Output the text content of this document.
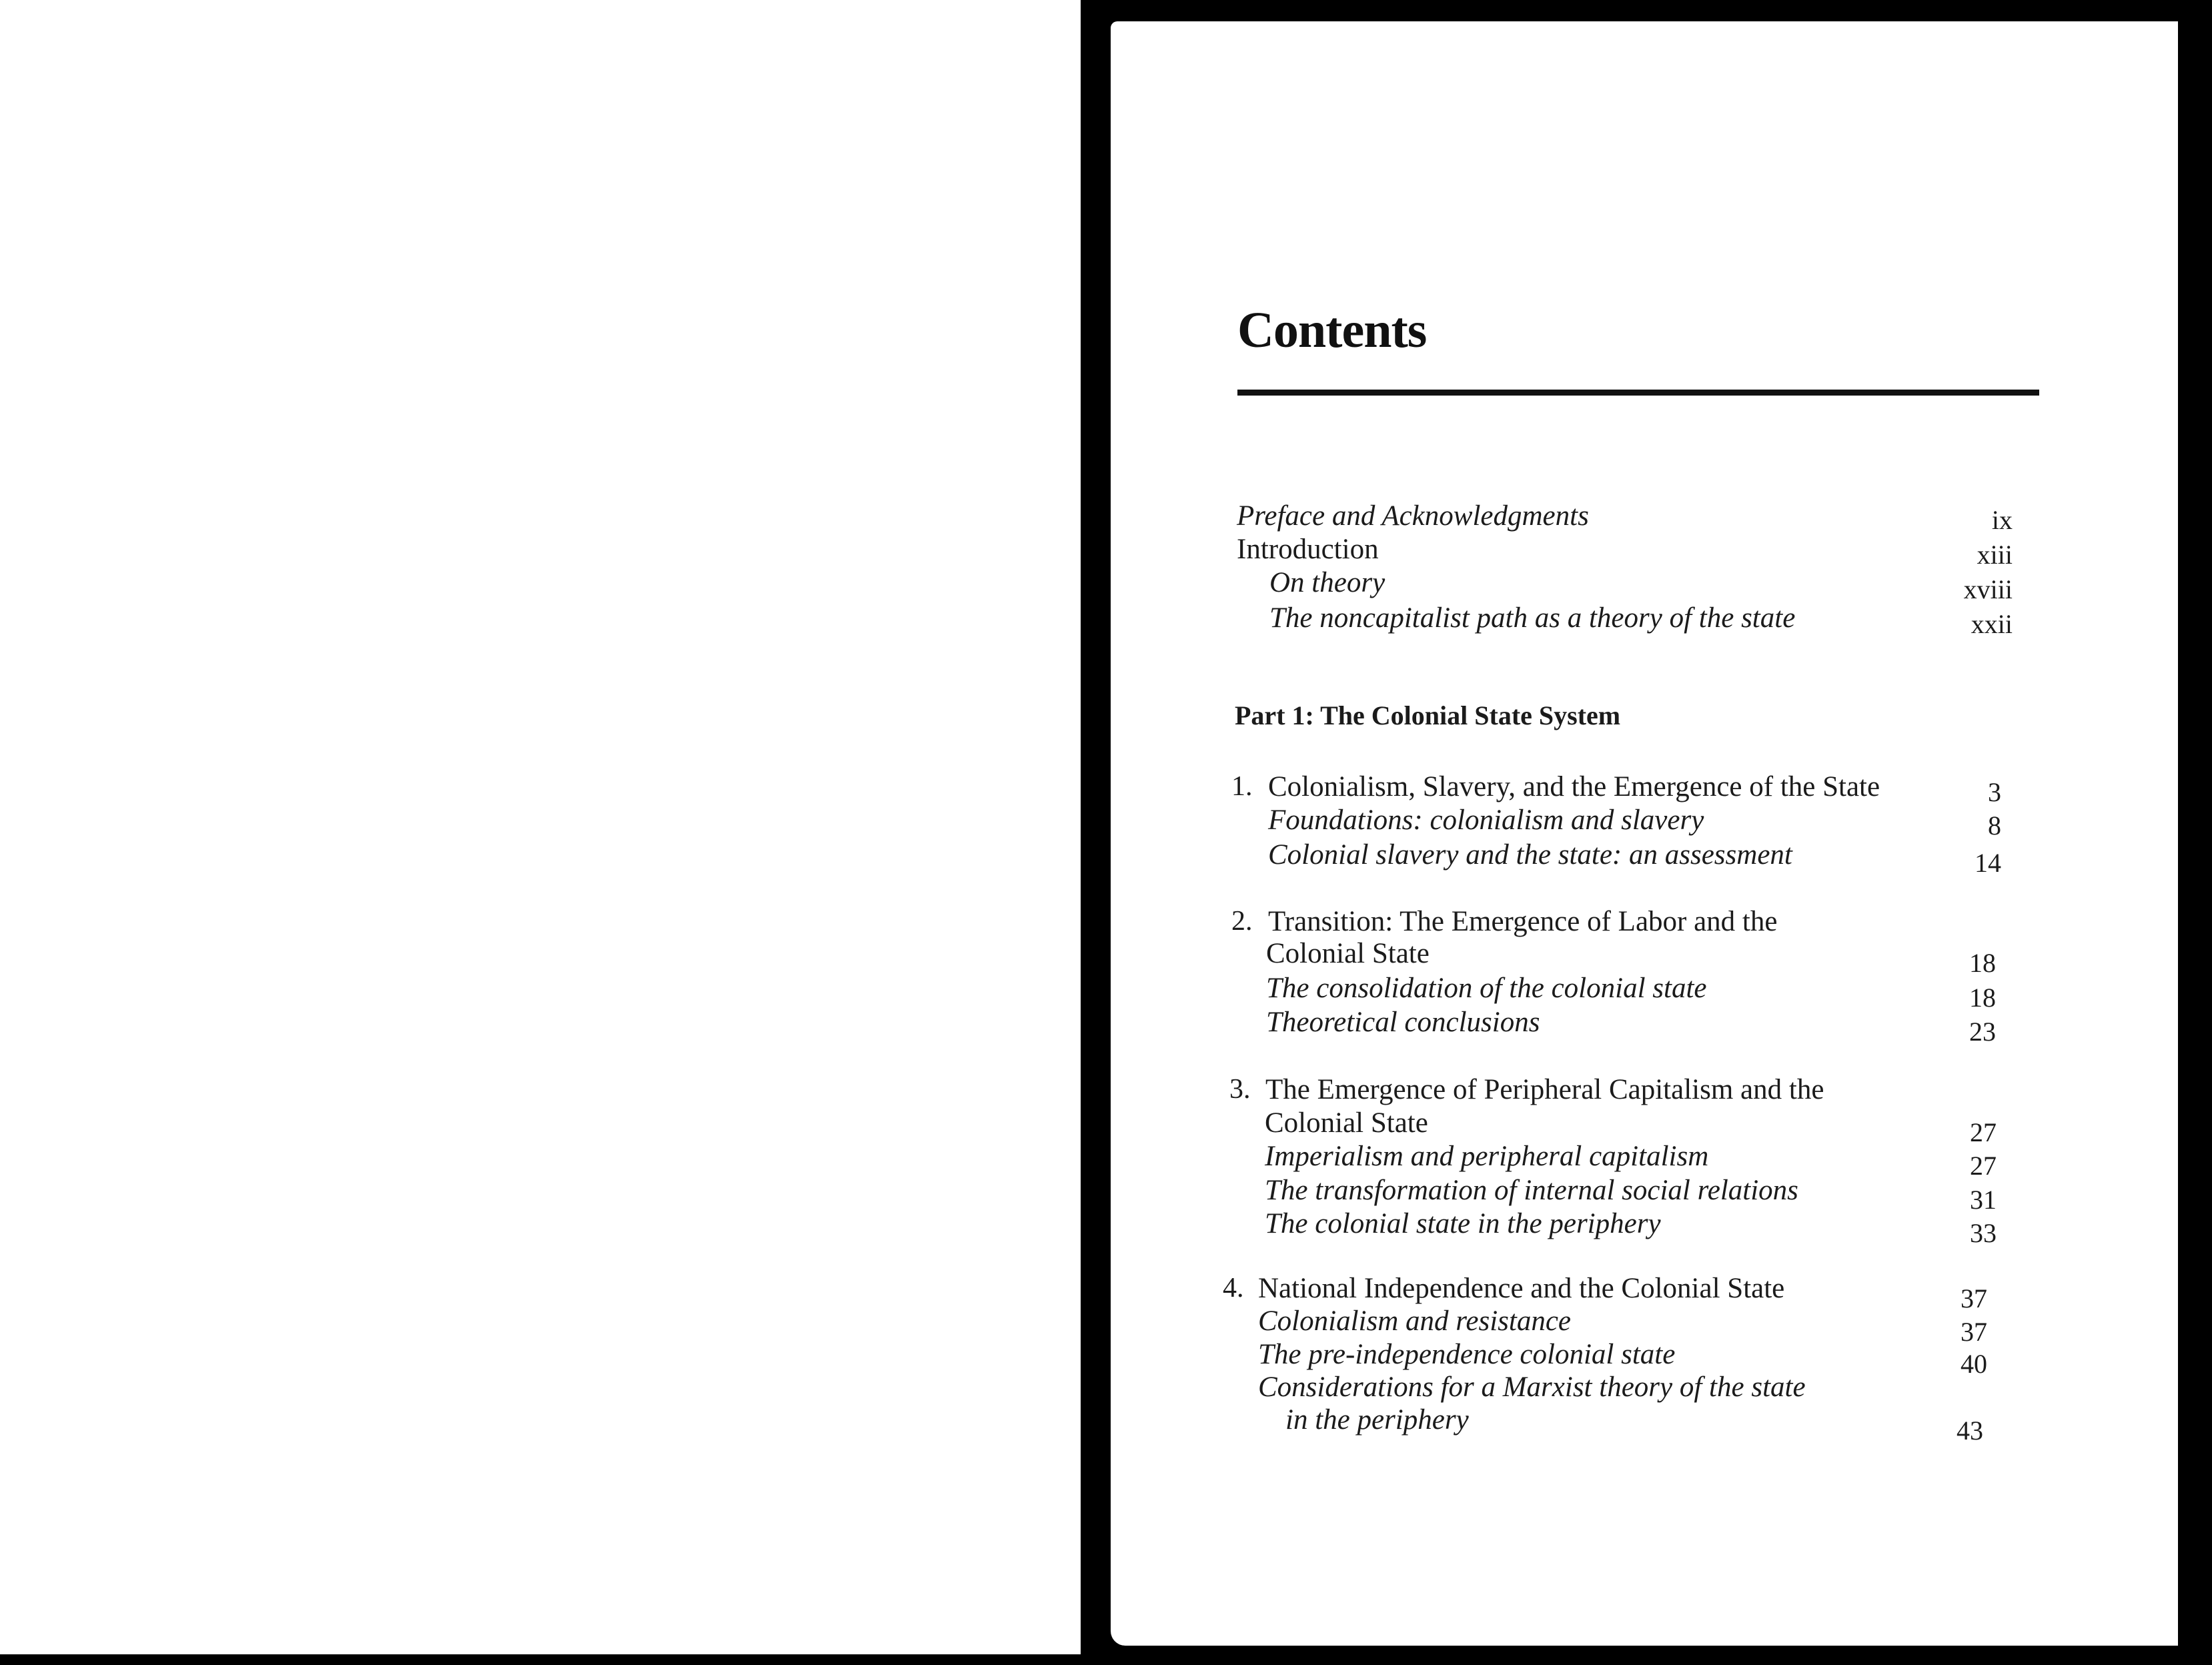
Contents
Preface and Acknowledgments	ix
Introduction	xiii
On theory	xviii
The noncapitalist path as a theory of the state	xxii
Part 1: The Colonial State System
1. Colonialism, Slavery, and the Emergence of the State	3
Foundations: colonialism and slavery	8
Colonial slavery and the state: an assessment	14
2. Transition: The Emergence of Labor and the
Colonial State	18
The consolidation of the colonial state	18
Theoretical conclusions	23
3. The Emergence of Peripheral Capitalism and the
Colonial State	27
Imperialism and peripheral capitalism	27
The transformation of internal social relations	31
The colonial state in the periphery	33
4. National Independence and the Colonial State	37
Colonialism and resistance	37
The pre-independence colonial state	40
Considerations for a Marxist theory of the state
in the periphery	43
